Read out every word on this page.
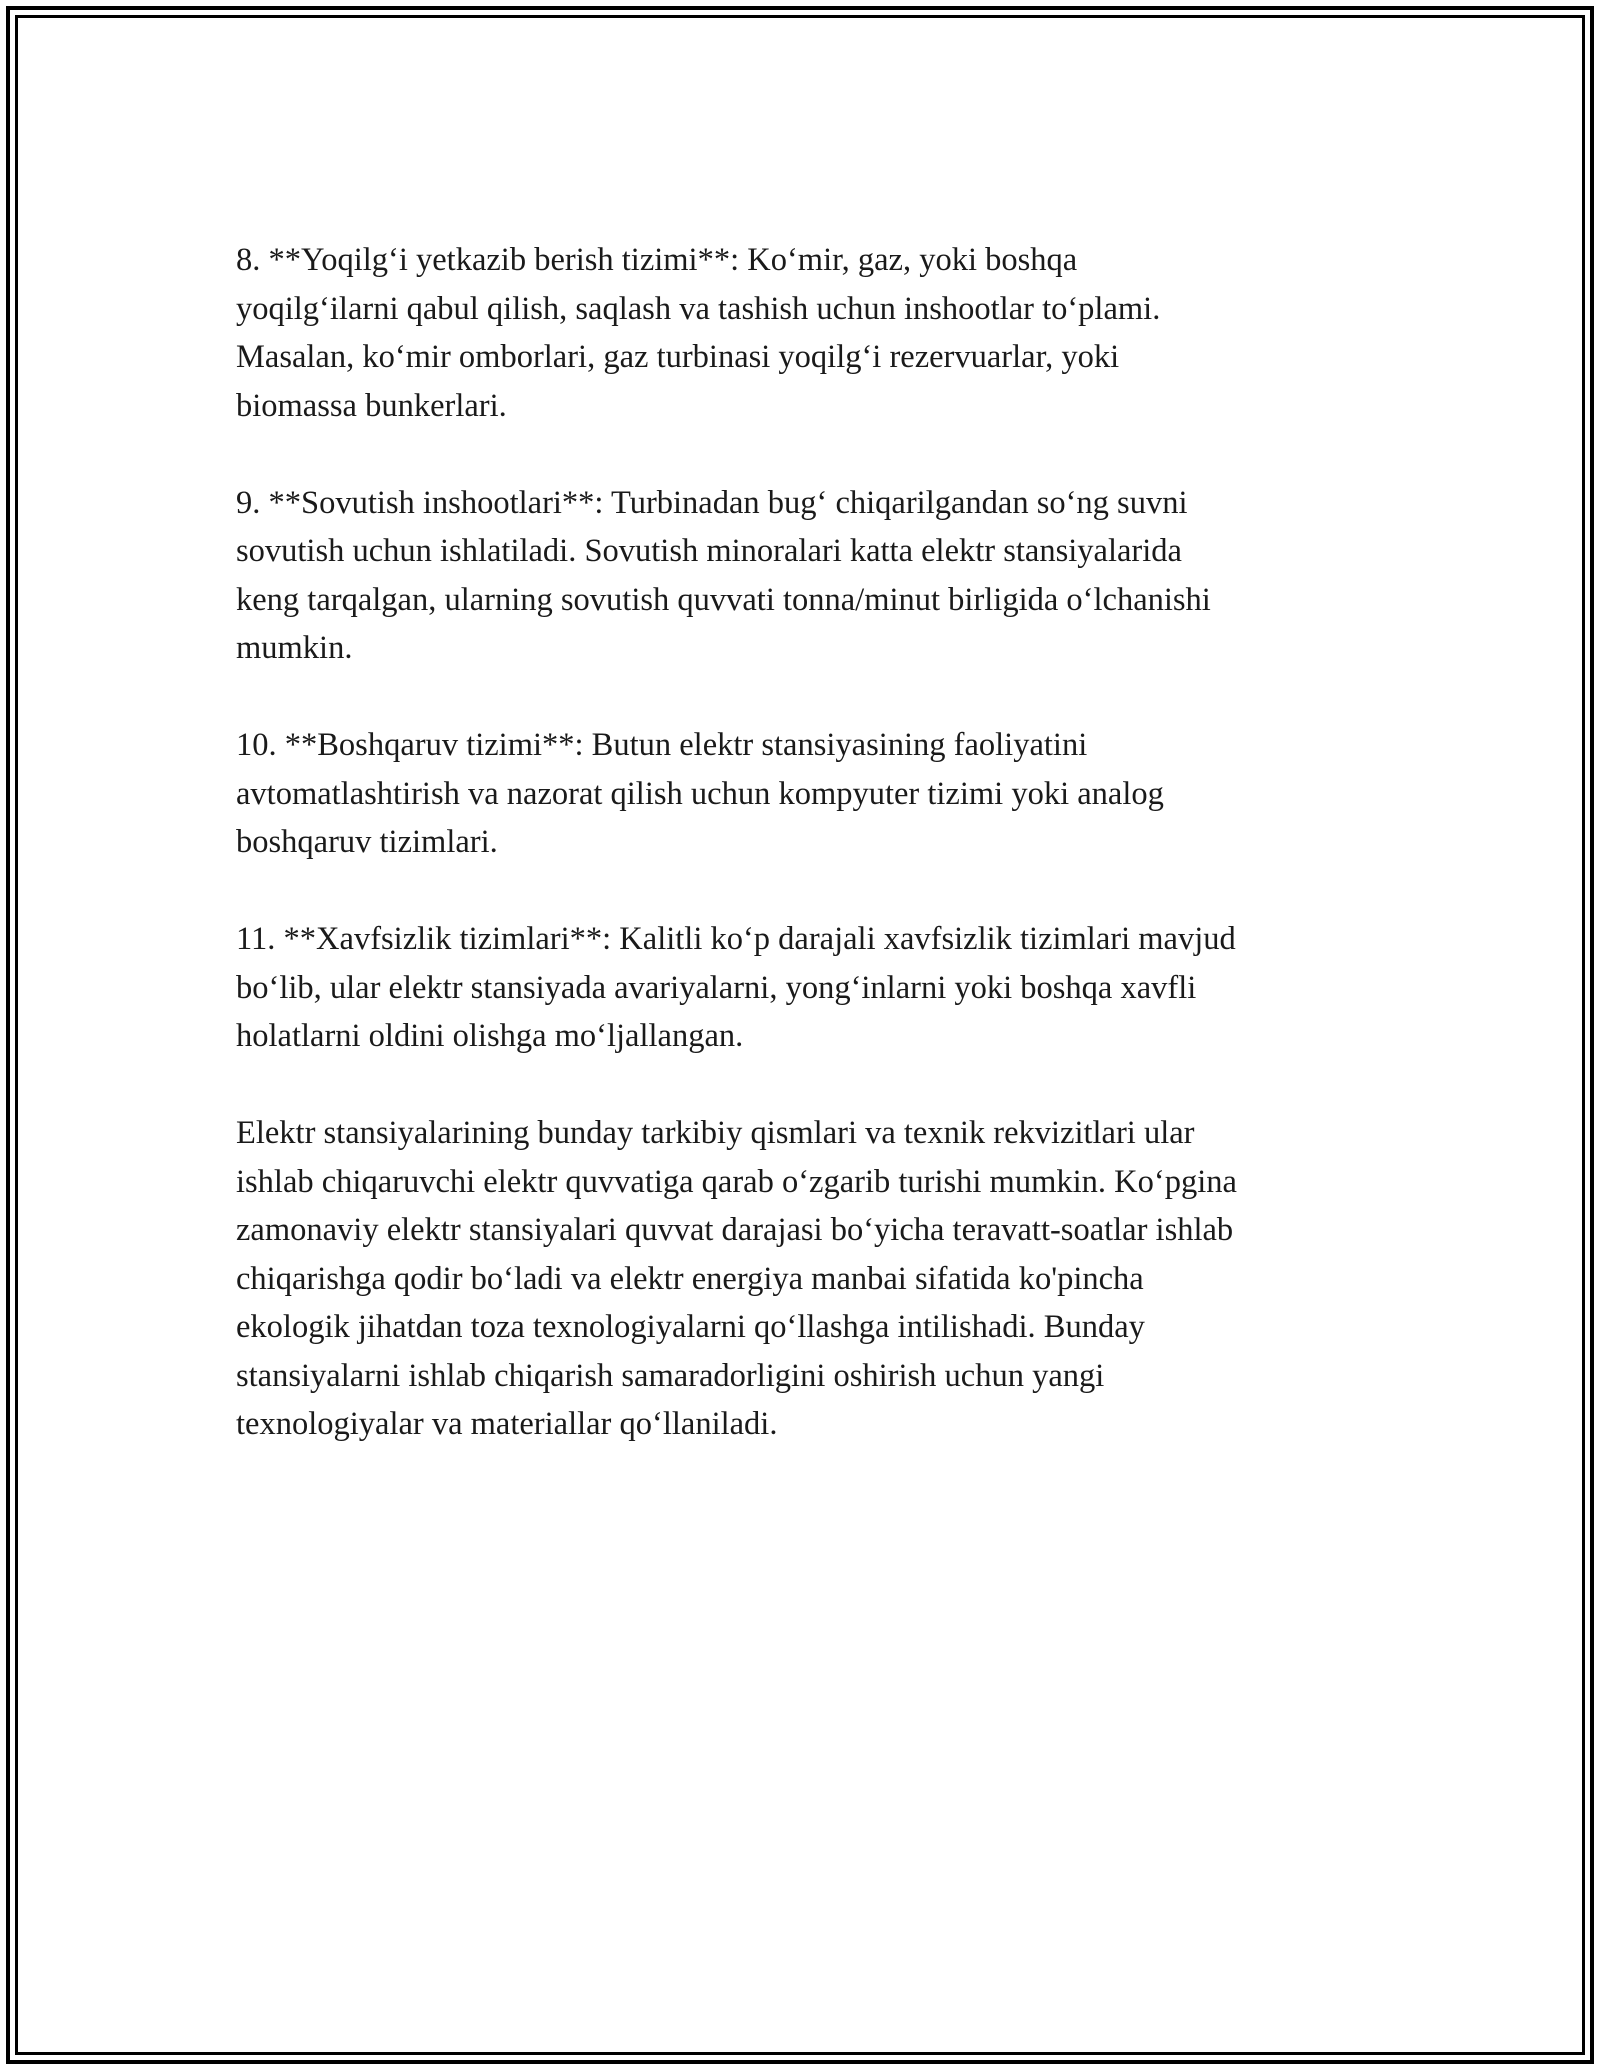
8. **Yoqilg‘i yetkazib berish tizimi**: Ko‘mir, gaz, yoki boshqa
yoqilg‘ilarni qabul qilish, saqlash va tashish uchun inshootlar to‘plami.
Masalan, ko‘mir omborlari, gaz turbinasi yoqilg‘i rezervuarlar, yoki
biomassa bunkerlari.

9. **Sovutish inshootlari**: Turbinadan bug‘ chiqarilgandan so‘ng suvni
sovutish uchun ishlatiladi. Sovutish minoralari katta elektr stansiyalarida
keng tarqalgan, ularning sovutish quvvati tonna/minut birligida o‘lchanishi
mumkin.

10. **Boshqaruv tizimi**: Butun elektr stansiyasining faoliyatini
avtomatlashtirish va nazorat qilish uchun kompyuter tizimi yoki analog
boshqaruv tizimlari.

11. **Xavfsizlik tizimlari**: Kalitli ko‘p darajali xavfsizlik tizimlari mavjud
bo‘lib, ular elektr stansiyada avariyalarni, yong‘inlarni yoki boshqa xavfli
holatlarni oldini olishga mo‘ljallangan.

Elektr stansiyalarining bunday tarkibiy qismlari va texnik rekvizitlari ular
ishlab chiqaruvchi elektr quvvatiga qarab o‘zgarib turishi mumkin. Ko‘pgina
zamonaviy elektr stansiyalari quvvat darajasi bo‘yicha teravatt-soatlar ishlab
chiqarishga qodir bo‘ladi va elektr energiya manbai sifatida ko'pincha
ekologik jihatdan toza texnologiyalarni qo‘llashga intilishadi. Bunday
stansiyalarni ishlab chiqarish samaradorligini oshirish uchun yangi
texnologiyalar va materiallar qo‘llaniladi.
